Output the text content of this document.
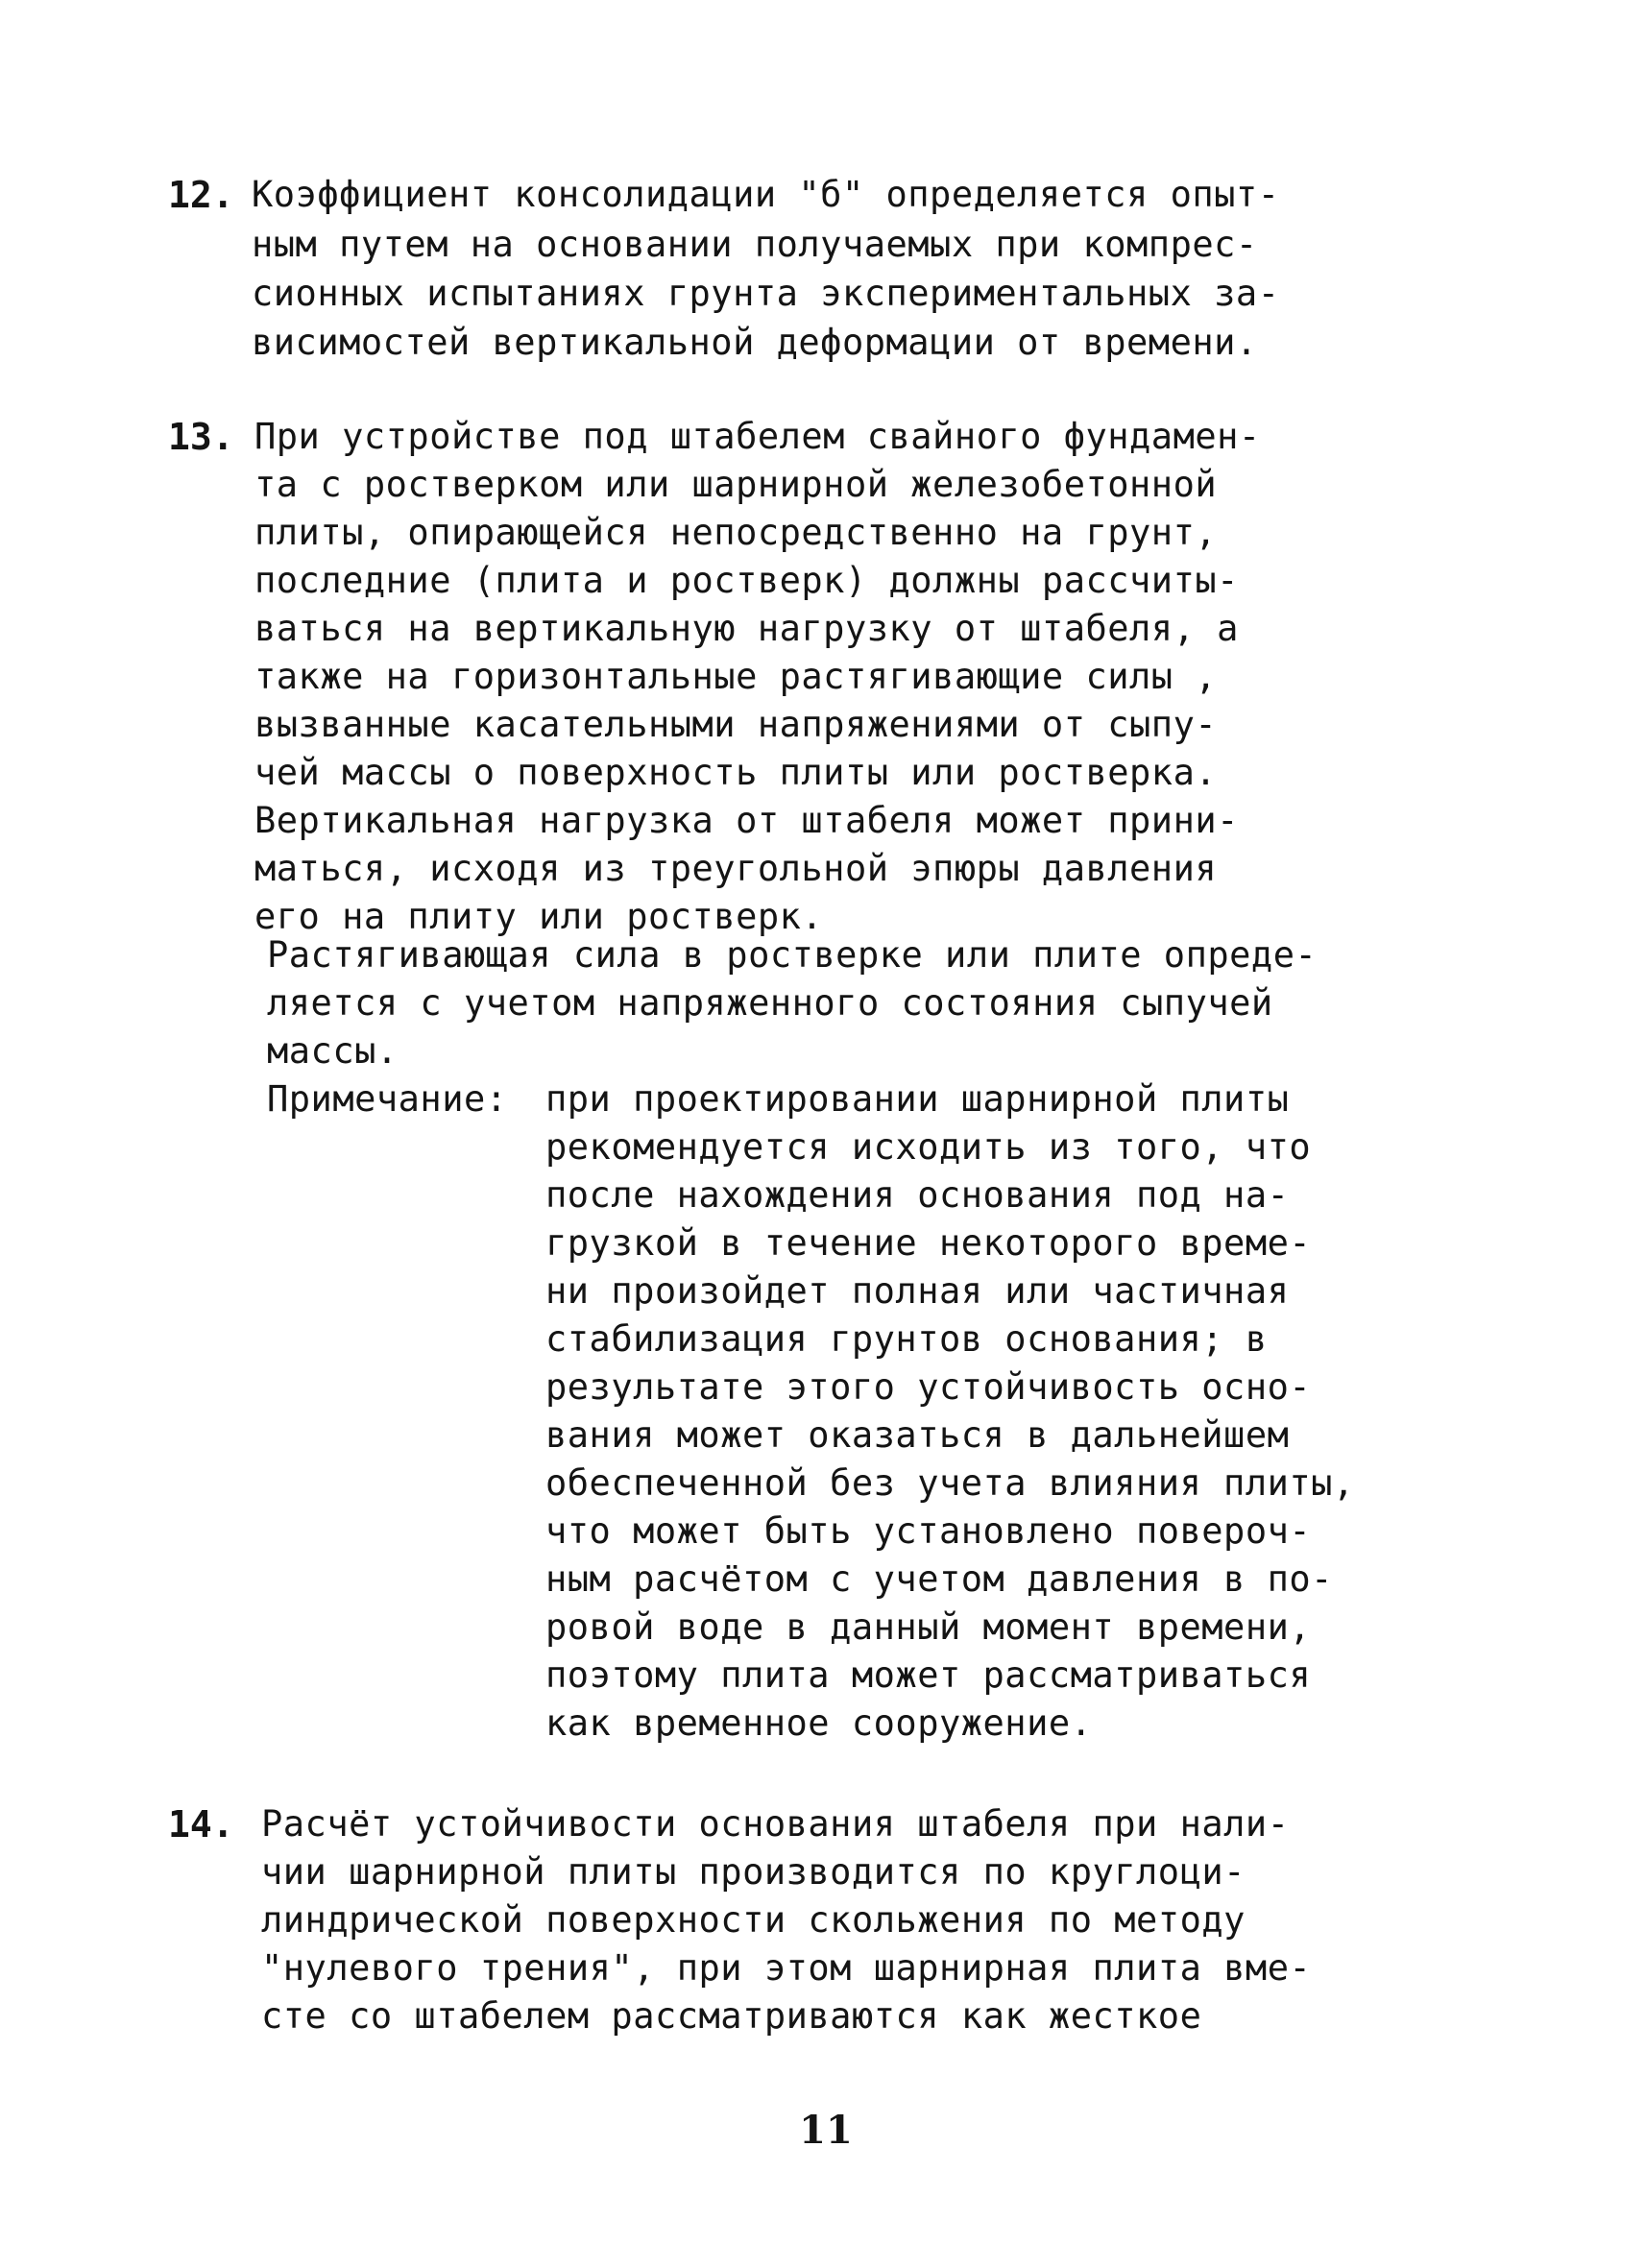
12. Коэффициент консолидации "б" определяется опыт-
ным путем на основании получаемых при компрес-
сионных испытаниях грунта экспериментальных за-
висимостей вертикальной деформации от времени.
13. При устройстве под штабелем свайного фундамен-
та с ростверком или шарнирной железобетонной
плиты, опирающейся непосредственно на грунт,
последние (плита и ростверк) должны рассчиты-
ваться на вертикальную нагрузку от штабеля, а
также на горизонтальные растягивающие силы ,
вызванные касательными напряжениями от сыпу-
чей массы о поверхность плиты или ростверка.
Вертикальная нагрузка от штабеля может прини-
маться, исходя из треугольной эпюры давления
его на плиту или ростверк.
Растягивающая сила в ростверке или плите опреде-
ляется с учетом напряженного состояния сыпучей
массы.
Примечание: при проектировании шарнирной плиты
рекомендуется исходить из того, что
после нахождения основания под на-
грузкой в течение некоторого време-
ни произойдет полная или частичная
стабилизация грунтов основания; в
результате этого устойчивость осно-
вания может оказаться в дальнейшем
обеспеченной без учета влияния плиты,
что может быть установлено повероч-
ным расчётом с учетом давления в по-
ровой воде в данный момент времени,
поэтому плита может рассматриваться
как временное сооружение.
14. Расчёт устойчивости основания штабеля при нали-
чии шарнирной плиты производится по круглоци-
линдрической поверхности скольжения по методу
"нулевого трения", при этом шарнирная плита вме-
сте со штабелем рассматриваются как жесткое
11
